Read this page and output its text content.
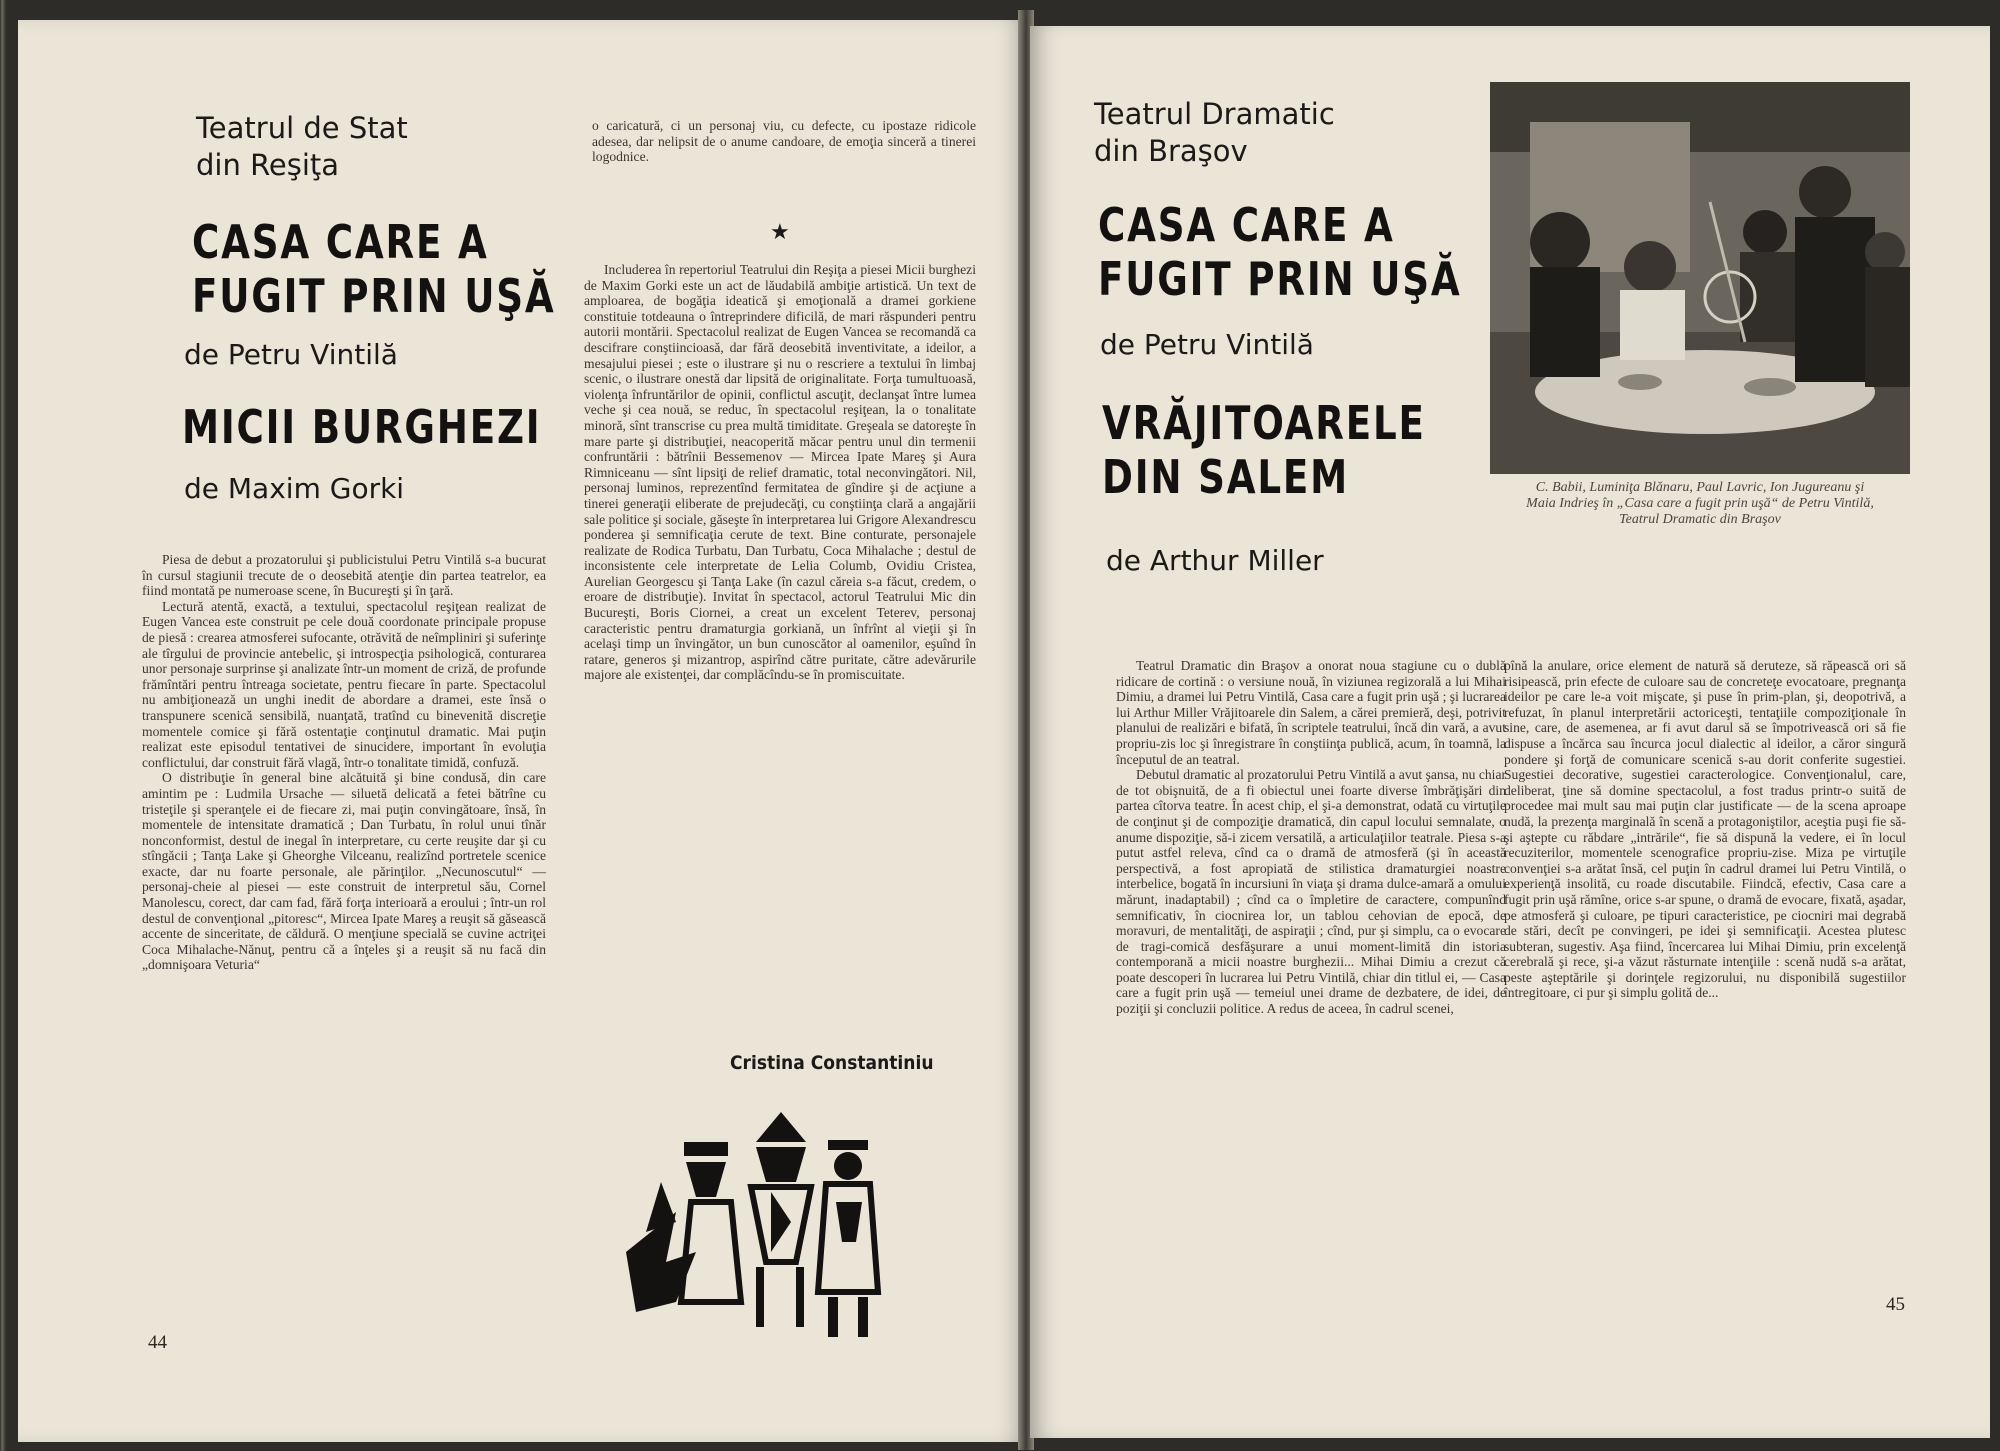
Teatrul de Stat
din Reşiţa
CASA CARE A
FUGIT PRIN UŞĂ
de Petru Vintilă
MICII BURGHEZI
de Maxim Gorki

Piesa de debut a prozatorului şi publicistului Petru Vintilă s-a bucurat în cursul stagiunii trecute de o deosebită atenţie din partea teatrelor, ea fiind montată pe numeroase scene, în Bucureşti şi în ţară.

Lectură atentă, exactă, a textului, spectacolul reşiţean realizat de Eugen Vancea este construit pe cele două coordonate principale propuse de piesă : crearea atmosferei sufocante, otrăvită de neîmpliniri şi suferinţe ale tîrgului de provincie antebelic, şi introspecţia psihologică, conturarea unor personaje surprinse şi analizate într-un moment de criză, de profunde frămîntări pentru întreaga societate, pentru fiecare în parte. Spectacolul nu ambiţionează un unghi inedit de abordare a dramei, este însă o transpunere scenică sensibilă, nuanţată, tratînd cu binevenită discreţie momentele comice şi fără ostentaţie conţinutul dramatic. Mai puţin realizat este episodul tentativei de sinucidere, important în evoluţia conflictului, dar construit fără vlagă, într-o tonalitate timidă, confuză.

O distribuţie în general bine alcătuită şi bine condusă, din care amintim pe : Ludmila Ursache — siluetă delicată a fetei bătrîne cu tristeţile şi speranţele ei de fiecare zi, mai puţin convingătoare, însă, în momentele de intensitate dramatică ; Dan Turbatu, în rolul unui tînăr nonconformist, destul de inegal în interpretare, cu certe reuşite dar şi cu stîngăcii ; Tanţa Lake şi Gheorghe Vilceanu, realizînd portretele scenice exacte, dar nu foarte personale, ale părinţilor. „Necunoscutul“ — personaj-cheie al piesei — este construit de interpretul său, Cornel Manolescu, corect, dar cam fad, fără forţa interioară a eroului ; într-un rol destul de convenţional „pitoresc“, Mircea Ipate Mareş a reuşit să găsească accente de sinceritate, de căldură. O menţiune specială se cuvine actriţei Coca Mihalache-Nănuţ, pentru că a înţeles şi a reuşit să nu facă din „domnişoara Veturia“

o caricatură, ci un personaj viu, cu defecte, cu ipostaze ridicole adesea, dar nelipsit de o anume candoare, de emoţia sinceră a tinerei logodnice.

★

Includerea în repertoriul Teatrului din Reşiţa a piesei Micii burghezi de Maxim Gorki este un act de lăudabilă ambiţie artistică. Un text de amploarea, de bogăţia ideatică şi emoţională a dramei gorkiene constituie totdeauna o întreprindere dificilă, de mari răspunderi pentru autorii montării. Spectacolul realizat de Eugen Vancea se recomandă ca descifrare conştiincioasă, dar fără deosebită inventivitate, a ideilor, a mesajului piesei ; este o ilustrare şi nu o rescriere a textului în limbaj scenic, o ilustrare onestă dar lipsită de originalitate. Forţa tumultuoasă, violenţa înfruntărilor de opinii, conflictul ascuţit, declanşat între lumea veche şi cea nouă, se reduc, în spectacolul reşiţean, la o tonalitate minoră, sînt transcrise cu prea multă timiditate. Greşeala se datoreşte în mare parte şi distribuţiei, neacoperită măcar pentru unul din termenii confruntării : bătrînii Bessemenov — Mircea Ipate Mareş şi Aura Rimniceanu — sînt lipsiţi de relief dramatic, total neconvingători. Nil, personaj luminos, reprezentînd fermitatea de gîndire şi de acţiune a tinerei generaţii eliberate de prejudecăţi, cu conştiinţa clară a angajării sale politice şi sociale, găseşte în interpretarea lui Grigore Alexandrescu ponderea şi semnificaţia cerute de text. Bine conturate, personajele realizate de Rodica Turbatu, Dan Turbatu, Coca Mihalache ; destul de inconsistente cele interpretate de Lelia Columb, Ovidiu Cristea, Aurelian Georgescu şi Tanţa Lake (în cazul căreia s-a făcut, credem, o eroare de distribuţie). Invitat în spectacol, actorul Teatrului Mic din Bucureşti, Boris Ciornei, a creat un excelent Teterev, personaj caracteristic pentru dramaturgia gorkiană, un înfrînt al vieţii şi în acelaşi timp un învingător, un bun cunoscător al oamenilor, eşuînd în ratare, generos şi mizantrop, aspirînd către puritate, către adevărurile majore ale existenţei, dar complăcîndu-se în promiscuitate.

Cristina Constantiniu
44
Teatrul Dramatic
din Braşov
CASA CARE A
FUGIT PRIN UŞĂ
de Petru Vintilă
VRĂJITOARELE
DIN SALEM
de Arthur Miller
C. Babii, Luminiţa Blănaru, Paul Lavric, Ion Jugureanu şi Maia Indrieş în „Casa care a fugit prin uşă“ de Petru Vintilă, Teatrul Dramatic din Braşov

Teatrul Dramatic din Braşov a onorat noua stagiune cu o dublă ridicare de cortină : o versiune nouă, în viziunea regizorală a lui Mihai Dimiu, a dramei lui Petru Vintilă, Casa care a fugit prin uşă ; şi lucrarea lui Arthur Miller Vrăjitoarele din Salem, a cărei premieră, deşi, potrivit planului de realizări e bifată, în scriptele teatrului, încă din vară, a avut propriu-zis loc şi înregistrare în conştiinţa publică, acum, în toamnă, la începutul de an teatral.

Debutul dramatic al prozatorului Petru Vintilă a avut şansa, nu chiar de tot obişnuită, de a fi obiectul unei foarte diverse îmbrăţişări din partea cîtorva teatre. În acest chip, el şi-a demonstrat, odată cu virtuţile de conţinut şi de compoziţie dramatică, din capul locului semnalate, o anume dispoziţie, să-i zicem versatilă, a articulaţiilor teatrale. Piesa s-a putut astfel releva, cînd ca o dramă de atmosferă (şi în această perspectivă, a fost apropiată de stilistica dramaturgiei noastre interbelice, bogată în incursiuni în viaţa şi drama dulce-amară a omului mărunt, inadaptabil) ; cînd ca o împletire de caractere, compunînd semnificativ, în ciocnirea lor, un tablou cehovian de epocă, de moravuri, de mentalităţi, de aspiraţii ; cînd, pur şi simplu, ca o evocare de tragi-comică desfăşurare a unui moment-limită din istoria contemporană a micii noastre burghezii... Mihai Dimiu a crezut că poate descoperi în lucrarea lui Petru Vintilă, chiar din titlul ei, — Casa care a fugit prin uşă — temeiul unei drame de dezbatere, de idei, de poziţii şi concluzii politice. A redus de aceea, în cadrul scenei,

pînă la anulare, orice element de natură să deruteze, să răpească ori să risipească, prin efecte de culoare sau de concreteţe evocatoare, pregnanţa ideilor pe care le-a voit mişcate, şi puse în prim-plan, şi, deopotrivă, a refuzat, în planul interpretării actoriceşti, tentaţiile compoziţionale în sine, care, de asemenea, ar fi avut darul să se împotrivească ori să fie dispuse a încărca sau încurca jocul dialectic al ideilor, a căror singură pondere şi forţă de comunicare scenică s-au dorit conferite sugestiei. Sugestiei decorative, sugestiei caracterologice. Convenţionalul, care, deliberat, ţine să domine spectacolul, a fost tradus printr-o suită de procedee mai mult sau mai puţin clar justificate — de la scena aproape nudă, la prezenţa marginală în scenă a protagoniştilor, aceştia puşi fie să-şi aştepte cu răbdare „intrările“, fie să dispună la vedere, ei în locul recuziterilor, momentele scenografice propriu-zise. Miza pe virtuţile convenţiei s-a arătat însă, cel puţin în cadrul dramei lui Petru Vintilă, o experienţă insolită, cu roade discutabile. Fiindcă, efectiv, Casa care a fugit prin uşă rămîne, orice s-ar spune, o dramă de evocare, fixată, aşadar, pe atmosferă şi culoare, pe tipuri caracteristice, pe ciocniri mai degrabă de stări, decît pe convingeri, pe idei şi semnificaţii. Acestea plutesc subteran, sugestiv. Aşa fiind, încercarea lui Mihai Dimiu, prin excelenţă cerebrală şi rece, şi-a văzut răsturnate intenţiile : scenă nudă s-a arătat, peste aşteptările şi dorinţele regizorului, nu disponibilă sugestiilor întregitoare, ci pur şi simplu golită de...

45
